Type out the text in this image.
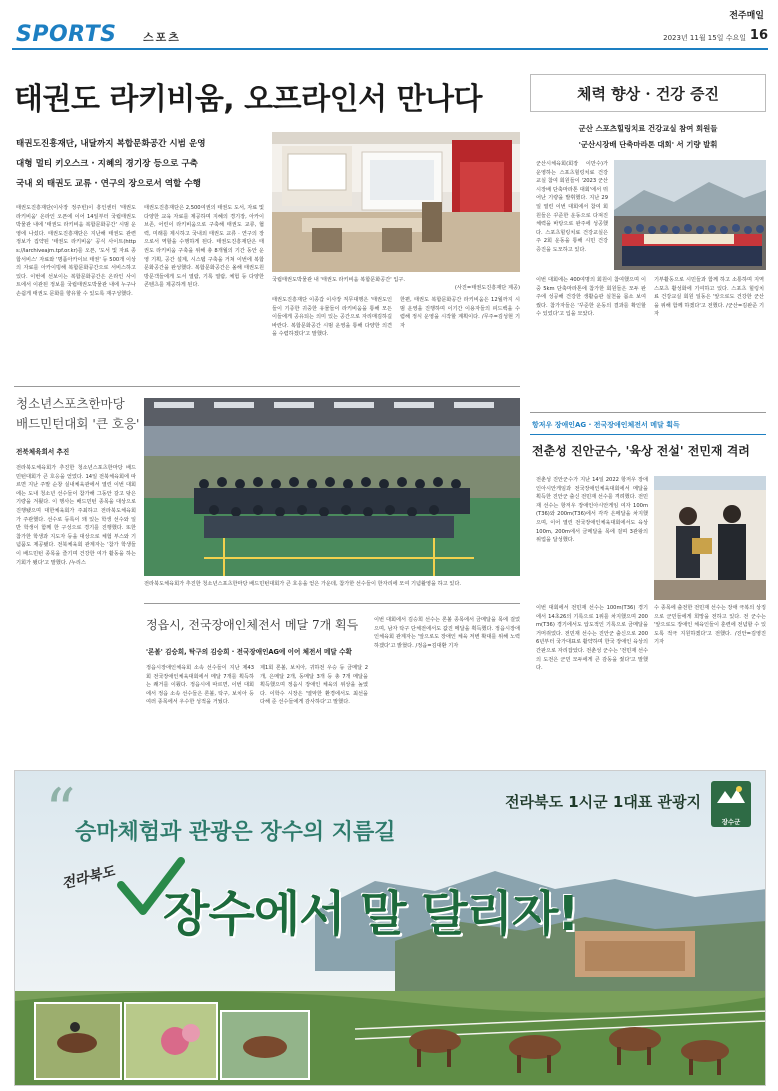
SPORTS 스포츠
전주매일
2023년 11월 15일 수요일 16
태권도 라키비움, 오프라인서 만나다
태권도진흥재단, 내달까지 복합문화공간 시범 운영
대형 멀티 키오스크 · 지혜의 경기장 등으로 구축
국내 외 태권도 교류 · 연구의 장으로서 역할 수행
태권도진흥재단(이사장 정주빈)이 흥인센터 '태권도 라키비움' 온라인 오픈에 이어 14일부터 국립태권도박물관 내에 '태권도 라키비움 복합문화공간' 시범 운영에 나섰다. 태권도진흥재단은 지난해 태권도 관련 정보가 집약된 '태권도 라키비움' 공식 사이트(https://larchiveajm.tpf.or.kr)를 오픈, '도서 및 자료 종합서비스' 자료와 '명품아카이브 태권' 등 500개 이상의 자료를 아카이빙해 복합문화공간으로 서비스하고 있다. 이번에 선보이는 복합문화공간은 온라인 사이트에서 이관된 정보를 국립태권도박물관 내에 누구나 손쉽게 태권도 문화를 향유할 수 있도록 재구성했다.
태권도진흥재단은 2,500여권의 태권도 도서, 자료 및 다양한 교육 자료를 제공하며 지혜의 경기장, 아카이브존, 어린이 라키비움으로 구축해 태권도 교류, 협력, 미래를 제시하고 국내외 태권도 교류 · 연구의 장으로서 역할을 수행하게 된다. 태권도진흥재단은 태권도 라키비움 구축을 위해 총 8개월의 기간 동안 운영 기획, 공간 설계, 시스템 구축을 거쳐 이번에 복합문화공간을 완성했다. 복합문화공간은 올해 태권도원 방문객들에게 도서 열람, 기록 열람, 체험 등 다양한 콘텐츠를 제공하게 된다.
국립태권도박물관 내 '태권도 라키비움 복합문화공간' 입구.

(사진=태권도진흥재단 제공)
태권도진흥재단 이종갑 이사장 직무대행은 '태권도인들이 기증한 귀중한 유물들이 라키비움을 통해 모든 이들에게 공유되는 의미 있는 공간으로 자리매김하길 바란다. 복합문화공간 시범 운영을 통해 다양한 의견을 수렴하겠다'고 말했다.
한편, 태권도 복합문화공간 라키비움은 12월까지 시범 운영을 진행하며 이기간 이용자들의 피드백을 수렴해 정식 운영을 시작할 계획이다. /무주=김성현 기자
체력 향상 · 건강 증진
군산 스포츠힐링치료 건강교실 참여 회원들
'군산시장배 단축마라톤 대회' 서 기량 발휘
군산시체육회(회장 이만수)가 운영하는 스포츠힐링치료 건강교실 참여 회원들이 '2023 군산시장배 단축마라톤 대회'에서 뛰어난 기량을 발휘했다. 지난 29일 열린 이번 대회에서 참여 회원들은 꾸준한 운동으로 다져진 체력을 바탕으로 완주에 성공했다. 스포츠힐링치료 건강교실은 주 2회 운동을 통해 시민 건강 증진을 도모하고 있다.
이번 대회에는 400여명의 회원이 참여했으며 이 중 5km 단축마라톤에 참가한 회원들은 모두 완주에 성공해 건강한 생활습관 실천을 몸소 보여줬다. 참가자들은 '꾸준한 운동의 결과를 확인할 수 있었다'고 입을 모았다.
기부활동으로 시민들과 함께 하고 소통하며 지역 스포츠 활성화에 기여하고 있다. 스포츠 힐링치료 건강교실 회원 일동은 '앞으로도 건강한 군산을 위해 함께 하겠다'고 전했다. /군산=김완준 기자
청소년스포츠한마당
배드민턴대회 '큰 호응'
전북체육회서 추진
전라북도체육회가 추진한 청소년스포츠한마당 배드민턴대회가 큰 호응을 얻었다. 14일 전북체육회에 따르면 지난 주말 순창 실내체육관에서 열린 이번 대회에는 도내 청소년 선수들이 참가해 그동안 갈고 닦은 기량을 겨뤘다. 이 행사는 배드민턴 종목을 대상으로 진행됐으며 대한체육회가 주최하고 전라북도체육회가 주관했다. 선수로 등록이 돼 있는 학생 선수와 일반 학생이 함께 한 구성으로 경기를 진행했다. 또한 참가한 학생과 지도자 등을 대상으로 체험 부스와 기념품도 제공됐다. 전북체육회 관계자는 '참가 학생들이 배드민턴 종목을 즐기며 건강한 여가 활동을 하는 기회가 됐다'고 말했다. /누리스
전라북도체육회가 추진한 청소년스포츠한마당 배드민턴대회가 큰 호응을 얻은 가운데, 참가한 선수들이 한자리에 모여 기념촬영을 하고 있다.
정읍시, 전국장애인체전서 메달 7개 획득
'론볼' 김승희, 탁구의 김승희 · 전국장애인AG에 이어 체전서 메달 수확
정읍시장애인체육회 소속 선수들이 지난 제43회 전국장애인체육대회에서 메달 7개를 획득하는 쾌거를 이뤘다. 정읍시에 따르면, 이번 대회에서 정읍 소속 선수들은 론볼, 탁구, 보치아 등 여러 종목에서 우수한 성적을 거뒀다.
제1회 론볼, 보치아, 귀하전 우승 등 금메달 2개, 은메달 2개, 동메달 3개 등 총 7개 메달을 획득했으며 정읍시 장애인 체육의 위상을 높였다. 이학수 시장은 '열악한 환경에서도 최선을 다해 준 선수들에게 감사하다'고 말했다.
이번 대회에서 김승희 선수는 론볼 종목에서 금메달을 목에 걸었으며, 남자 탁구 단체전에서도 값진 메달을 획득했다. 정읍시장애인체육회 관계자는 '앞으로도 장애인 체육 저변 확대를 위해 노력하겠다'고 밝혔다. /정읍=김대환 기자
항저우 장애인AG · 전국장애인체전서 메달 획득
전춘성 진안군수, '육상 전설' 전민재 격려
전춘성 진안군수가 지난 14일 2022 항저우 장애인아시안게임과 전국장애인체육대회에서 메달을 획득한 진안군 출신 전민재 선수를 격려했다. 전민재 선수는 항저우 장애인아시안게임 여자 100m(T36)와 200m(T36)에서 각각 은메달을 차지했으며, 이어 열린 전국장애인체육대회에서도 육상 100m, 200m에서 금메달을 목에 걸며 3관왕의 위업을 달성했다.
이번 대회에서 전민재 선수는 100m(T36) 경기에서 14초26의 기록으로 1위를 차지했으며 200m(T36) 경기에서도 압도적인 기록으로 금메달을 거머쥐었다. 전민재 선수는 진안군 출신으로 2006년부터 국가대표로 활약하며 한국 장애인 육상의 간판으로 자리잡았다. 전춘성 군수는 '전민재 선수의 도전은 군민 모두에게 큰 감동을 줬다'고 말했다.
수 종목에 출전한 전민재 선수는 장애 극복의 상징으로 군민들에게 희망을 전하고 있다. 전 군수는 '앞으로도 장애인 체육인들이 훈련에 전념할 수 있도록 적극 지원하겠다'고 전했다. /진안=김영진 기자
전라북도 1시군 1대표 관광지
장수군
“ 승마체험과 관광은 장수의 지름길
전라북도
장수에서 말 달리자!
